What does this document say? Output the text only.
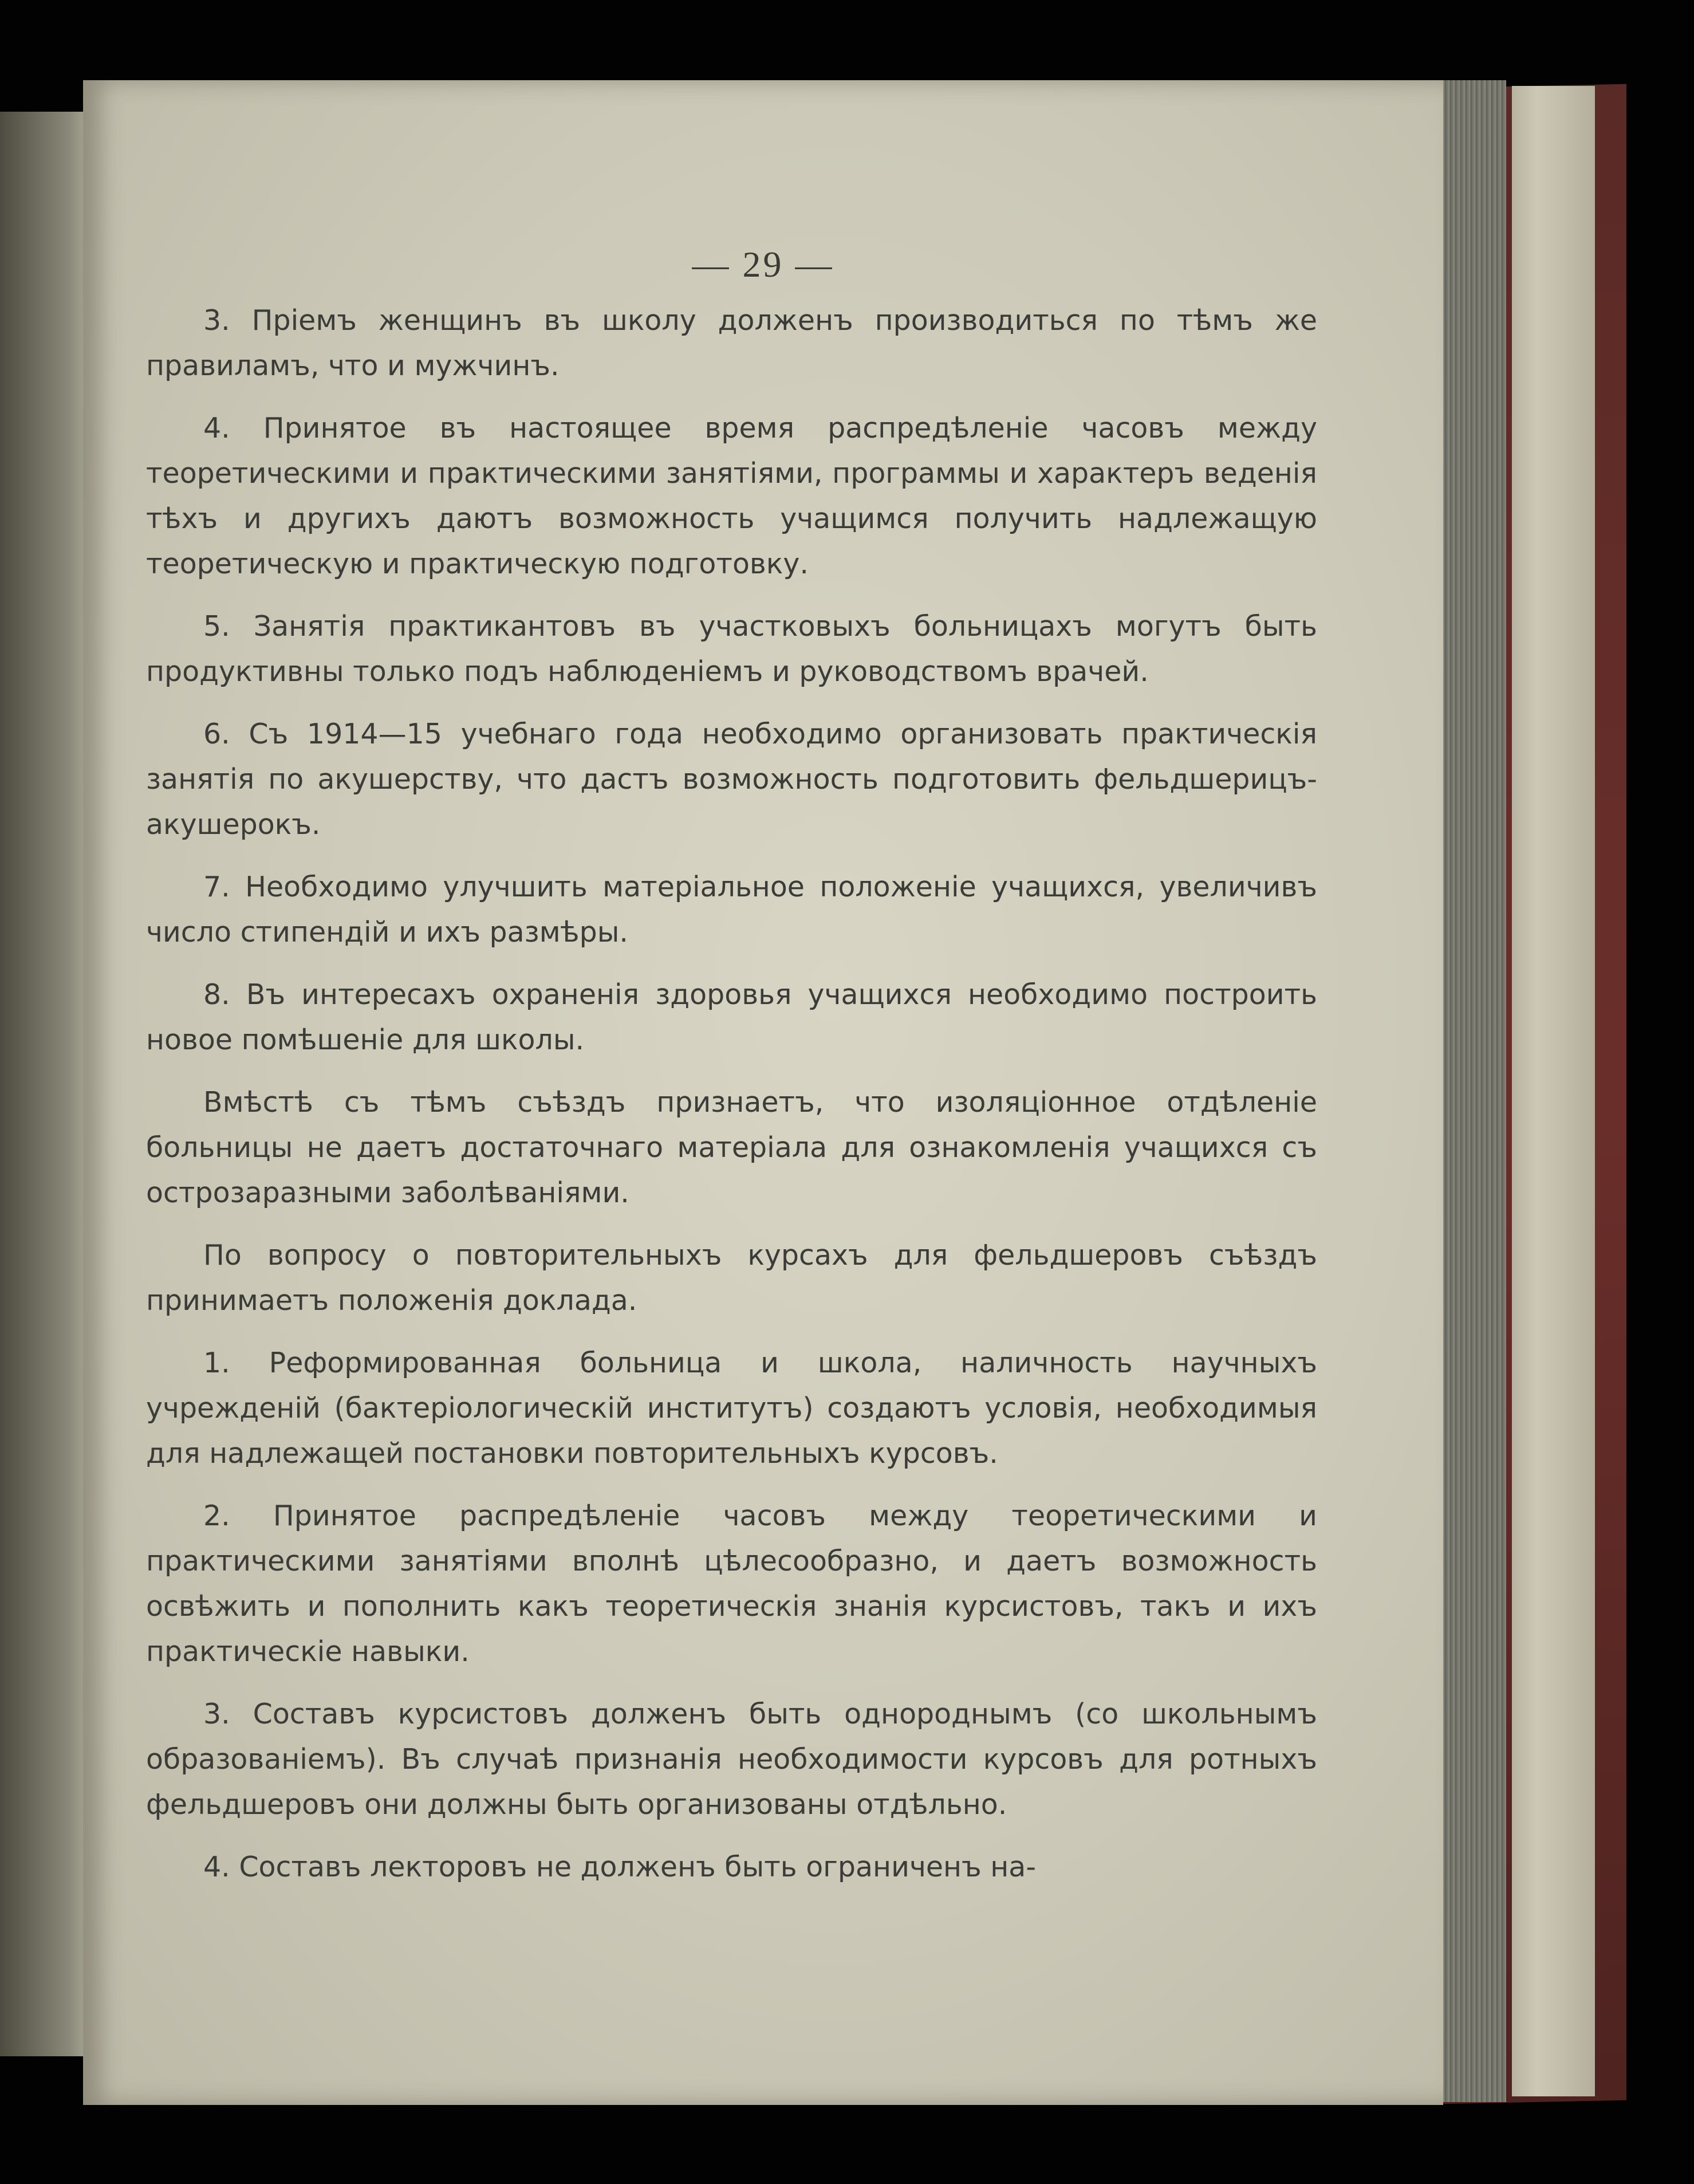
— 29 —

3. Пріемъ женщинъ въ школу долженъ производиться по тѣмъ же правиламъ, что и мужчинъ.

4. Принятое въ настоящее время распредѣленіе часовъ между теоретическими и практическими занятіями, программы и характеръ веденія тѣхъ и другихъ даютъ возможность учащимся получить надлежащую теоретическую и практическую подготовку.

5. Занятія практикантовъ въ участковыхъ больницахъ могутъ быть продуктивны только подъ наблюденіемъ и руководствомъ врачей.

6. Съ 1914—15 учебнаго года необходимо организовать практическія занятія по акушерству, что дастъ возможность подготовить фельдшерицъ-акушерокъ.

7. Необходимо улучшить матеріальное положеніе учащихся, увеличивъ число стипендій и ихъ размѣры.

8. Въ интересахъ охраненія здоровья учащихся необходимо построить новое помѣшеніе для школы.

Вмѣстѣ съ тѣмъ съѣздъ признаетъ, что изоляціонное отдѣленіе больницы не даетъ достаточнаго матеріала для ознакомленія учащихся съ острозаразными заболѣваніями.

По вопросу о повторительныхъ курсахъ для фельдшеровъ съѣздъ принимаетъ положенія доклада.

1. Реформированная больница и школа, наличность научныхъ учрежденій (бактеріологическій институтъ) создаютъ условія, необходимыя для надлежащей постановки повторительныхъ курсовъ.

2. Принятое распредѣленіе часовъ между теоретическими и практическими занятіями вполнѣ цѣлесообразно, и даетъ возможность освѣжить и пополнить какъ теоретическія знанія курсистовъ, такъ и ихъ практическіе навыки.

3. Составъ курсистовъ долженъ быть однороднымъ (со школьнымъ образованіемъ). Въ случаѣ признанія необходимости курсовъ для ротныхъ фельдшеровъ они должны быть организованы отдѣльно.

4. Составъ лекторовъ не долженъ быть ограниченъ на-
